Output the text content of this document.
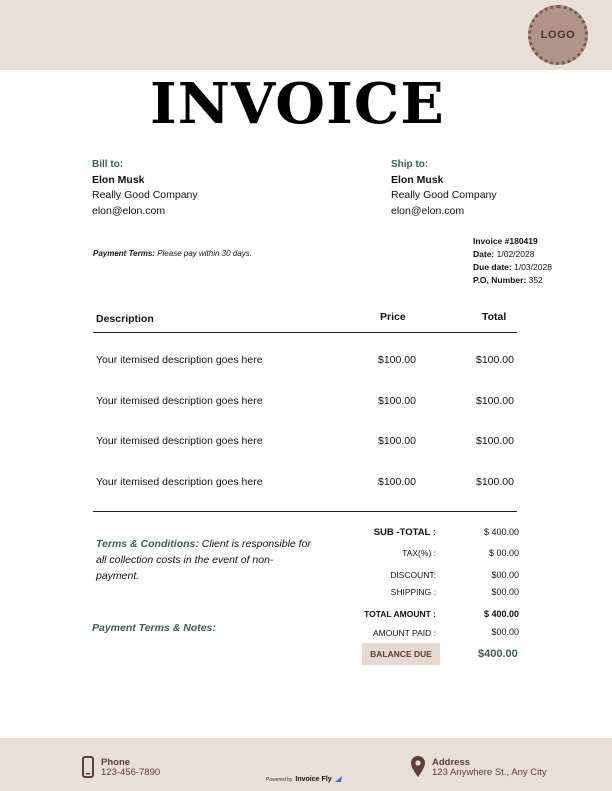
LOGO
INVOICE
Bill to:
Elon Musk
Really Good Company
elon@elon.com
Ship to:
Elon Musk
Really Good Company
elon@elon.com
Payment Terms: Please pay within 30 days.
Invoice #180419
Date: 1/02/2028
Due date: 1/03/2028
P.O, Number: 352
Description	Price	Total
Your itemised description goes here	$100.00	$100.00
Your itemised description goes here	$100.00	$100.00
Your itemised description goes here	$100.00	$100.00
Your itemised description goes here	$100.00	$100.00
Terms & Conditions: Client is responsible for all collection costs in the event of non-payment.
Payment Terms & Notes:
SUB -TOTAL :	$ 400.00
TAX(%) :	$ 00.00
DISCOUNT:	$00.00
SHIPPING :	$00.00
TOTAL AMOUNT :	$ 400.00
AMOUNT PAID :	$00.00
BALANCE DUE	$400.00
Phone
123-456-7890
Powered by Invoice Fly
Address
123 Anywhere St., Any City
